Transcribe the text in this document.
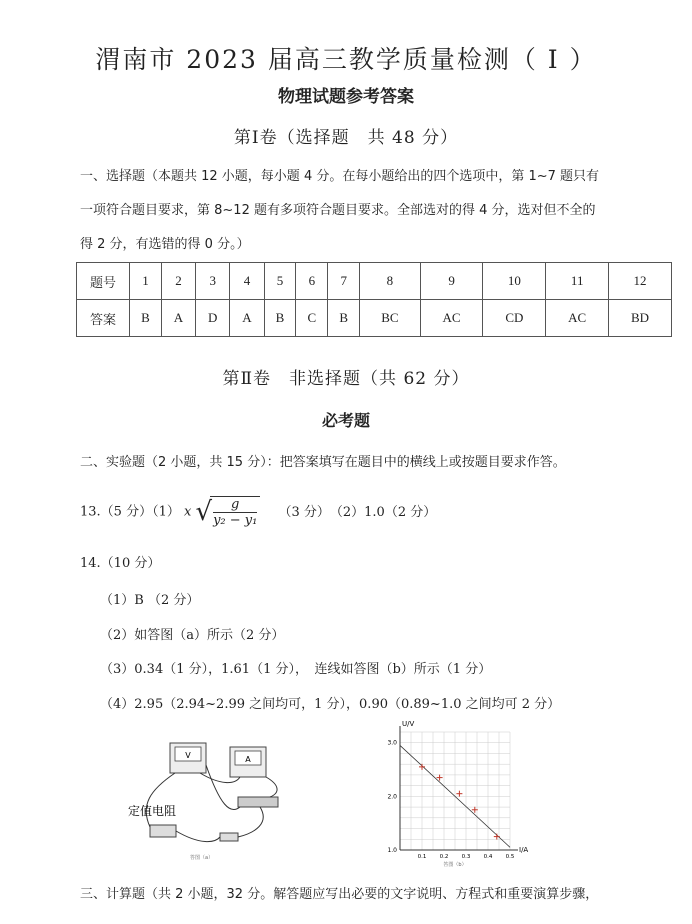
渭南市 2023 届高三教学质量检测（ Ⅰ ）
物理试题参考答案
第Ⅰ卷（选择题　共 48 分）
一、选择题（本题共 12 小题，每小题 4 分。在每小题给出的四个选项中，第 1~7 题只有
一项符合题目要求，第 8~12 题有多项符合题目要求。全部选对的得 4 分，选对但不全的
得 2 分，有选错的得 0 分。）
题号	1	2	3	4	5	6	7	8	9	10	11	12
答案	B	A	D	A	B	C	B	BC	AC	CD	AC	BD
第Ⅱ卷　非选择题（共 62 分）
必考题
二、实验题（2 小题，共 15 分）：把答案填写在题目中的横线上或按题目要求作答。
13.（5 分）（1） x √
$\frac{g}{\text{y₂ − y₁}} (3$ 分）　（2）1.0（2 分）
14.（10 分）
（1）B （2 分）
（2）如答图（a）所示（2 分）
（3）0.34（1 分），1.61（1 分），　连线如答图（b）所示（1 分）
（4）2.95（2.94~2.99 之间均可，1 分），0.90（0.89~1.0 之间均可 2 分）
V	A
定值电阻
答图（a）
U/V
I/A
3.0
2.0
1.0
0.1 0.2 0.3 0.4 0.5
答图（b）
三、计算题（共 2 小题，32 分。解答题应写出必要的文字说明、方程式和重要演算步骤，
